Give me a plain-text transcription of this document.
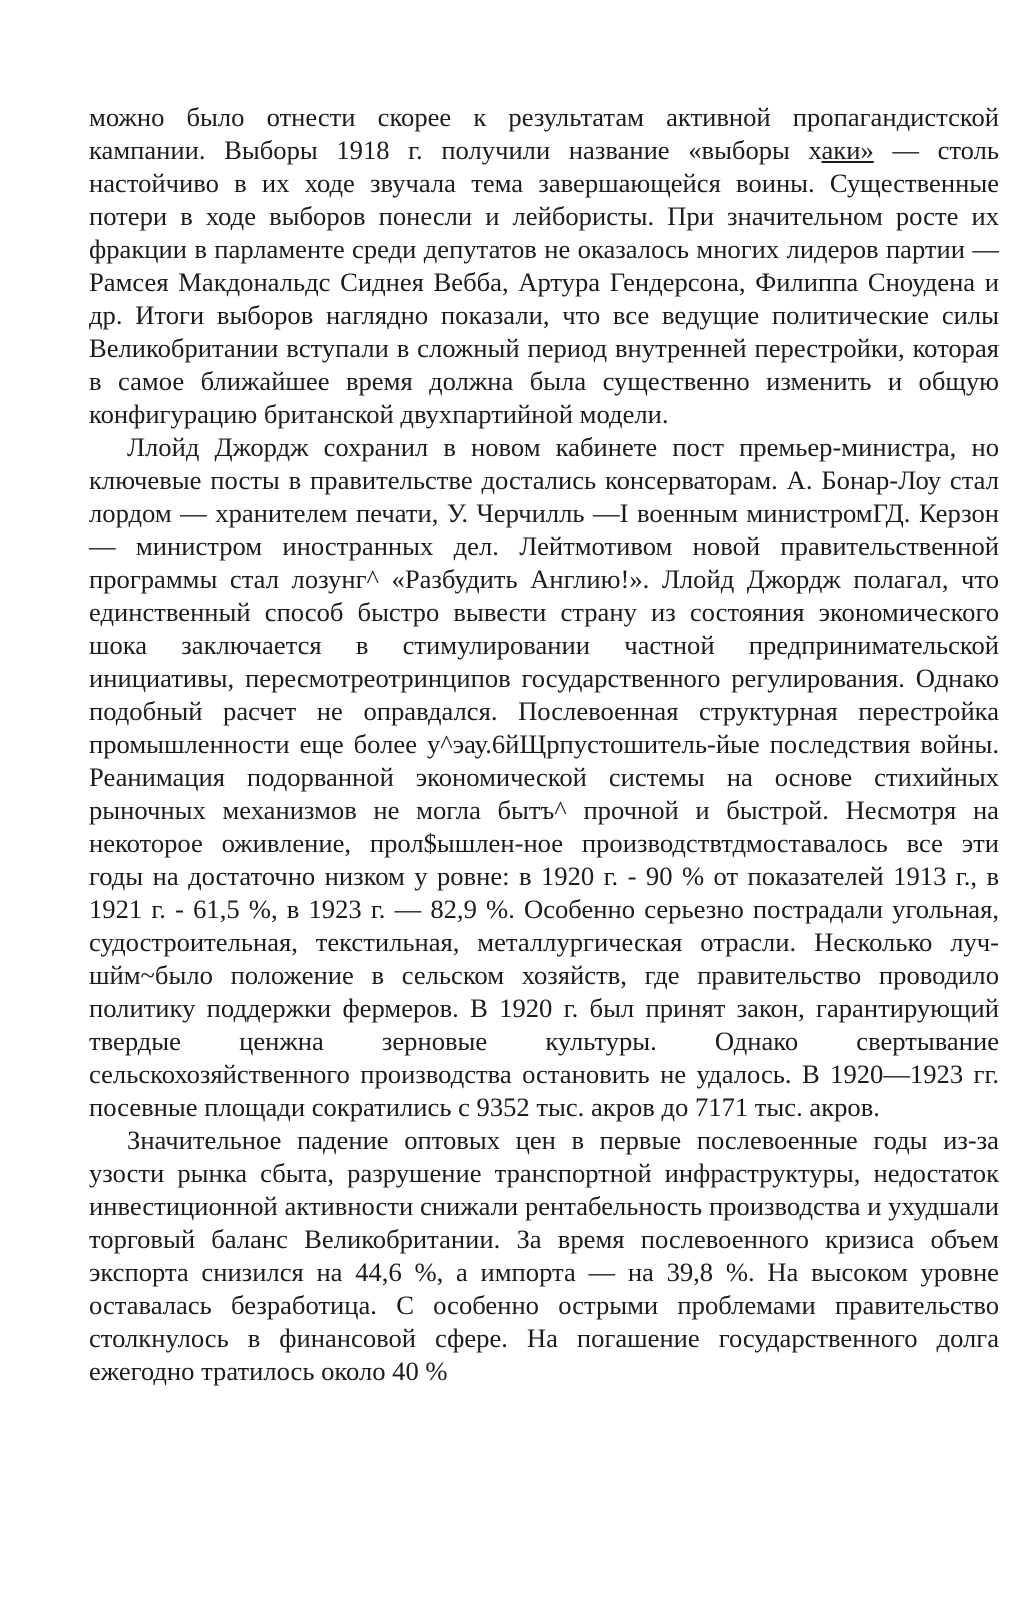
можно было отнести скорее к результатам активной пропагандистской кампании. Выборы 1918 г. получили название «выборы хаки» — столь настойчиво в их ходе звучала тема завершающейся воины. Существенные потери в ходе выборов понесли и лейбористы. При значительном росте их фракции в парламенте среди депутатов не оказалось многих лидеров партии — Рамсея Макдональдс Сиднея Вебба, Артура Гендерсона, Филиппа Сноудена и др. Итоги выборов наглядно показали, что все ведущие политические силы Великобритании вступали в сложный период внутренней перестройки, которая в самое ближайшее время должна была существенно изменить и общую конфигурацию британской двухпартийной модели.

Ллойд Джордж сохранил в новом кабинете пост премьер-министра, но ключевые посты в правительстве достались консерваторам. А. Бонар-Лоу стал лордом — хранителем печати, У. Черчилль —I военным министромГД. Керзон — министром иностранных дел. Лейтмотивом новой правительственной программы стал лозунг^ «Разбудить Англию!». Ллойд Джордж полагал, что единственный способ быстро вывести страну из состояния экономического шока заключается в стимулировании частной предпринимательской инициативы, пересмотреотринципов государственного регулирования. Однако подобный расчет не оправдался. Послевоенная структурная перестройка промышленности еще более у^эау.6йЩрпустошитель-йые последствия войны. Реанимация подорванной экономической системы на основе стихийных рыночных механизмов не могла бытъ^ прочной и быстрой. Несмотря на некоторое оживление, прол$ышлен-ное производствтдмоставалось все эти годы на достаточно низком у ровне: в 1920 г. - 90 % от показателей 1913 г., в 1921 г. - 61,5 %, в 1923 г. — 82,9 %. Особенно серьезно пострадали угольная, судостроительная, текстильная, металлургическая отрасли. Несколько луч-шйм~было положение в сельском хозяйств, где правительство проводило политику поддержки фермеров. В 1920 г. был принят закон, гарантирующий твердые ценжна зерновые культуры. Однако свертывание сельскохозяйственного производства остановить не удалось. В 1920—1923 гг. посевные площади сократились с 9352 тыс. акров до 7171 тыс. акров.

Значительное падение оптовых цен в первые послевоенные годы из-за узости рынка сбыта, разрушение транспортной инфраструктуры, недостаток инвестиционной активности снижали рентабельность производства и ухудшали торговый баланс Великобритании. За время послевоенного кризиса объем экспорта снизился на 44,6 %, а импорта — на 39,8 %. На высоком уровне оставалась безработица. С особенно острыми проблемами правительство столкнулось в финансовой сфере. На погашение государственного долга ежегодно тратилось около 40 %
